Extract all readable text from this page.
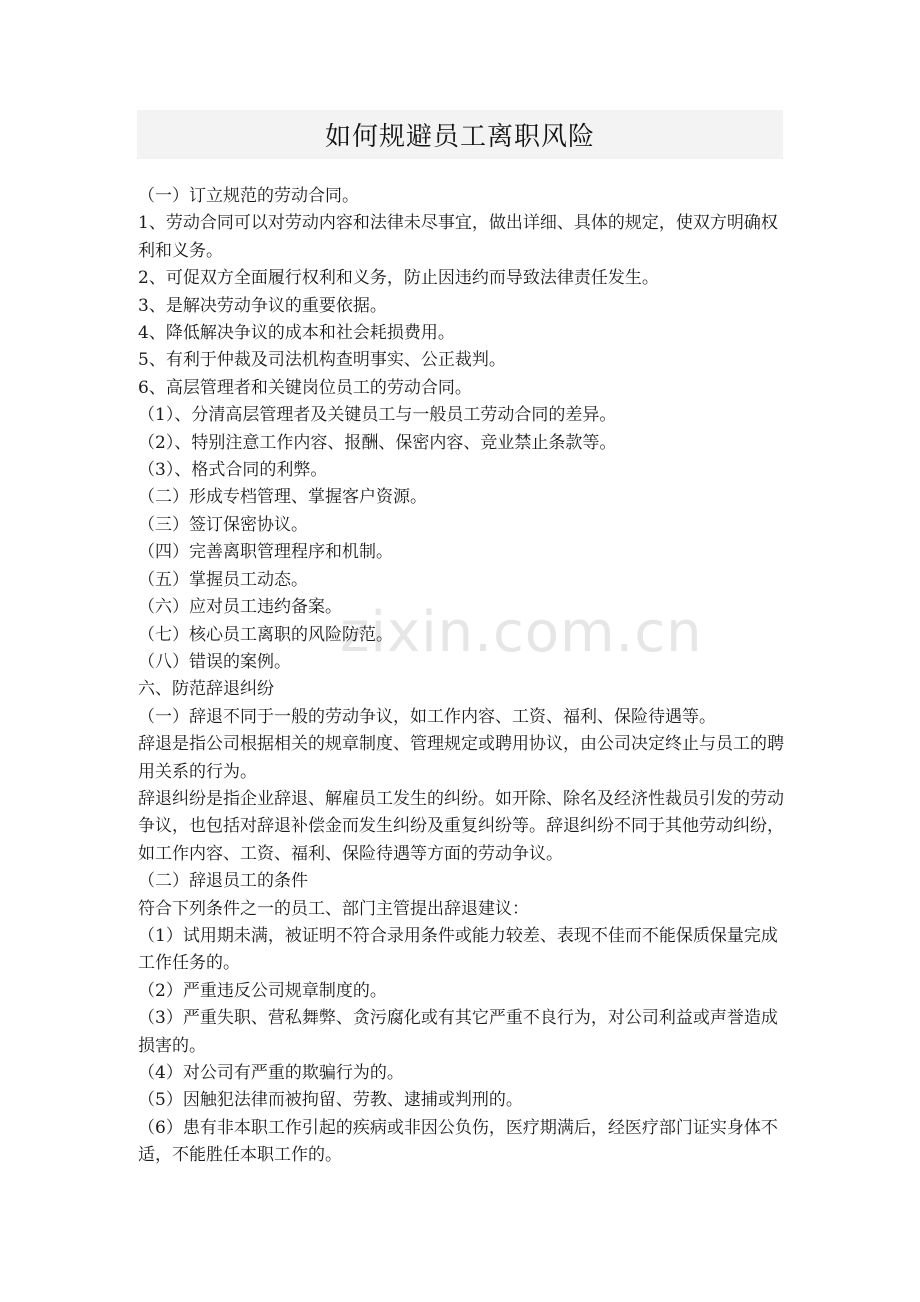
如何规避员工离职风险
zixin.com.cn

（一）订立规范的劳动合同。

1、劳动合同可以对劳动内容和法律未尽事宜，做出详细、具体的规定，使双方明确权利和义务。

2、可促双方全面履行权利和义务，防止因违约而导致法律责任发生。

3、是解决劳动争议的重要依据。

4、降低解决争议的成本和社会耗损费用。

5、有利于仲裁及司法机构查明事实、公正裁判。

6、高层管理者和关键岗位员工的劳动合同。

（1）、分清高层管理者及关键员工与一般员工劳动合同的差异。

（2）、特别注意工作内容、报酬、保密内容、竞业禁止条款等。

（3）、格式合同的利弊。

（二）形成专档管理、掌握客户资源。

（三）签订保密协议。

（四）完善离职管理程序和机制。

（五）掌握员工动态。

（六）应对员工违约备案。

（七）核心员工离职的风险防范。

（八）错误的案例。

六、防范辞退纠纷

（一）辞退不同于一般的劳动争议，如工作内容、工资、福利、保险待遇等。

辞退是指公司根据相关的规章制度、管理规定或聘用协议，由公司决定终止与员工的聘用关系的行为。

辞退纠纷是指企业辞退、解雇员工发生的纠纷。如开除、除名及经济性裁员引发的劳动争议，也包括对辞退补偿金而发生纠纷及重复纠纷等。辞退纠纷不同于其他劳动纠纷，如工作内容、工资、福利、保险待遇等方面的劳动争议。

（二）辞退员工的条件

符合下列条件之一的员工、部门主管提出辞退建议：

（1）试用期未满，被证明不符合录用条件或能力较差、表现不佳而不能保质保量完成工作任务的。

（2）严重违反公司规章制度的。

（3）严重失职、营私舞弊、贪污腐化或有其它严重不良行为，对公司利益或声誉造成损害的。

（4）对公司有严重的欺骗行为的。

（5）因触犯法律而被拘留、劳教、逮捕或判刑的。

（6）患有非本职工作引起的疾病或非因公负伤，医疗期满后，经医疗部门证实身体不适，不能胜任本职工作的。
